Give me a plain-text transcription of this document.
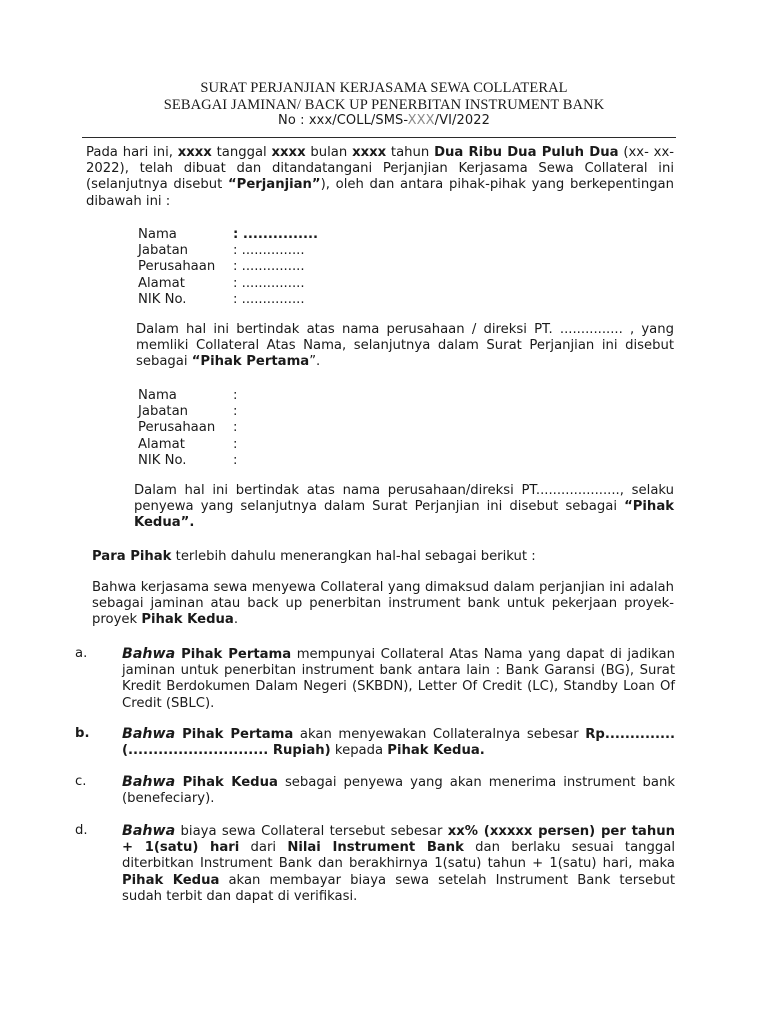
SURAT PERJANJIAN KERJASAMA SEWA COLLATERAL
SEBAGAI JAMINAN/ BACK UP PENERBITAN INSTRUMENT BANK
No : xxx/COLL/SMS-XXX/VI/2022
Pada hari ini, xxxx tanggal xxxx bulan xxxx tahun Dua Ribu Dua Puluh Dua (xx- xx-2022), telah dibuat dan ditandatangani Perjanjian Kerjasama Sewa Collateral ini (selanjutnya disebut “Perjanjian”), oleh dan antara pihak-pihak yang berkepentingan dibawah ini :
Nama	: ...............
Jabatan	: ...............
Perusahaan	: ...............
Alamat	: ...............
NIK No.	: ...............
Dalam hal ini bertindak atas nama perusahaan / direksi PT. ............... , yang memliki Collateral Atas Nama, selanjutnya dalam Surat Perjanjian ini disebut sebagai “Pihak Pertama”.
Nama	:
Jabatan	:
Perusahaan	:
Alamat	:
NIK No.	:
Dalam hal ini bertindak atas nama perusahaan/direksi PT...................., selaku penyewa yang selanjutnya dalam Surat Perjanjian ini disebut sebagai “Pihak Kedua”.
Para Pihak terlebih dahulu menerangkan hal-hal sebagai berikut :
Bahwa kerjasama sewa menyewa Collateral yang dimaksud dalam perjanjian ini adalah sebagai jaminan atau back up penerbitan instrument bank untuk pekerjaan proyek-proyek Pihak Kedua.
a. Bahwa Pihak Pertama mempunyai Collateral Atas Nama yang dapat di jadikan jaminan untuk penerbitan instrument bank antara lain : Bank Garansi (BG), Surat Kredit Berdokumen Dalam Negeri (SKBDN), Letter Of Credit (LC), Standby Loan Of Credit (SBLC).
b. Bahwa Pihak Pertama akan menyewakan Collateralnya sebesar Rp.............. (............................ Rupiah) kepada Pihak Kedua.
c.	Bahwa Pihak Kedua sebagai penyewa yang akan menerima instrument bank (benefeciary).
d. Bahwa biaya sewa Collateral tersebut sebesar xx% (xxxxx persen) per tahun + 1(satu) hari dari Nilai Instrument Bank dan berlaku sesuai tanggal diterbitkan Instrument Bank dan berakhirnya 1(satu) tahun + 1(satu) hari, maka Pihak Kedua akan membayar biaya sewa setelah Instrument Bank tersebut sudah terbit dan dapat di verifikasi.
